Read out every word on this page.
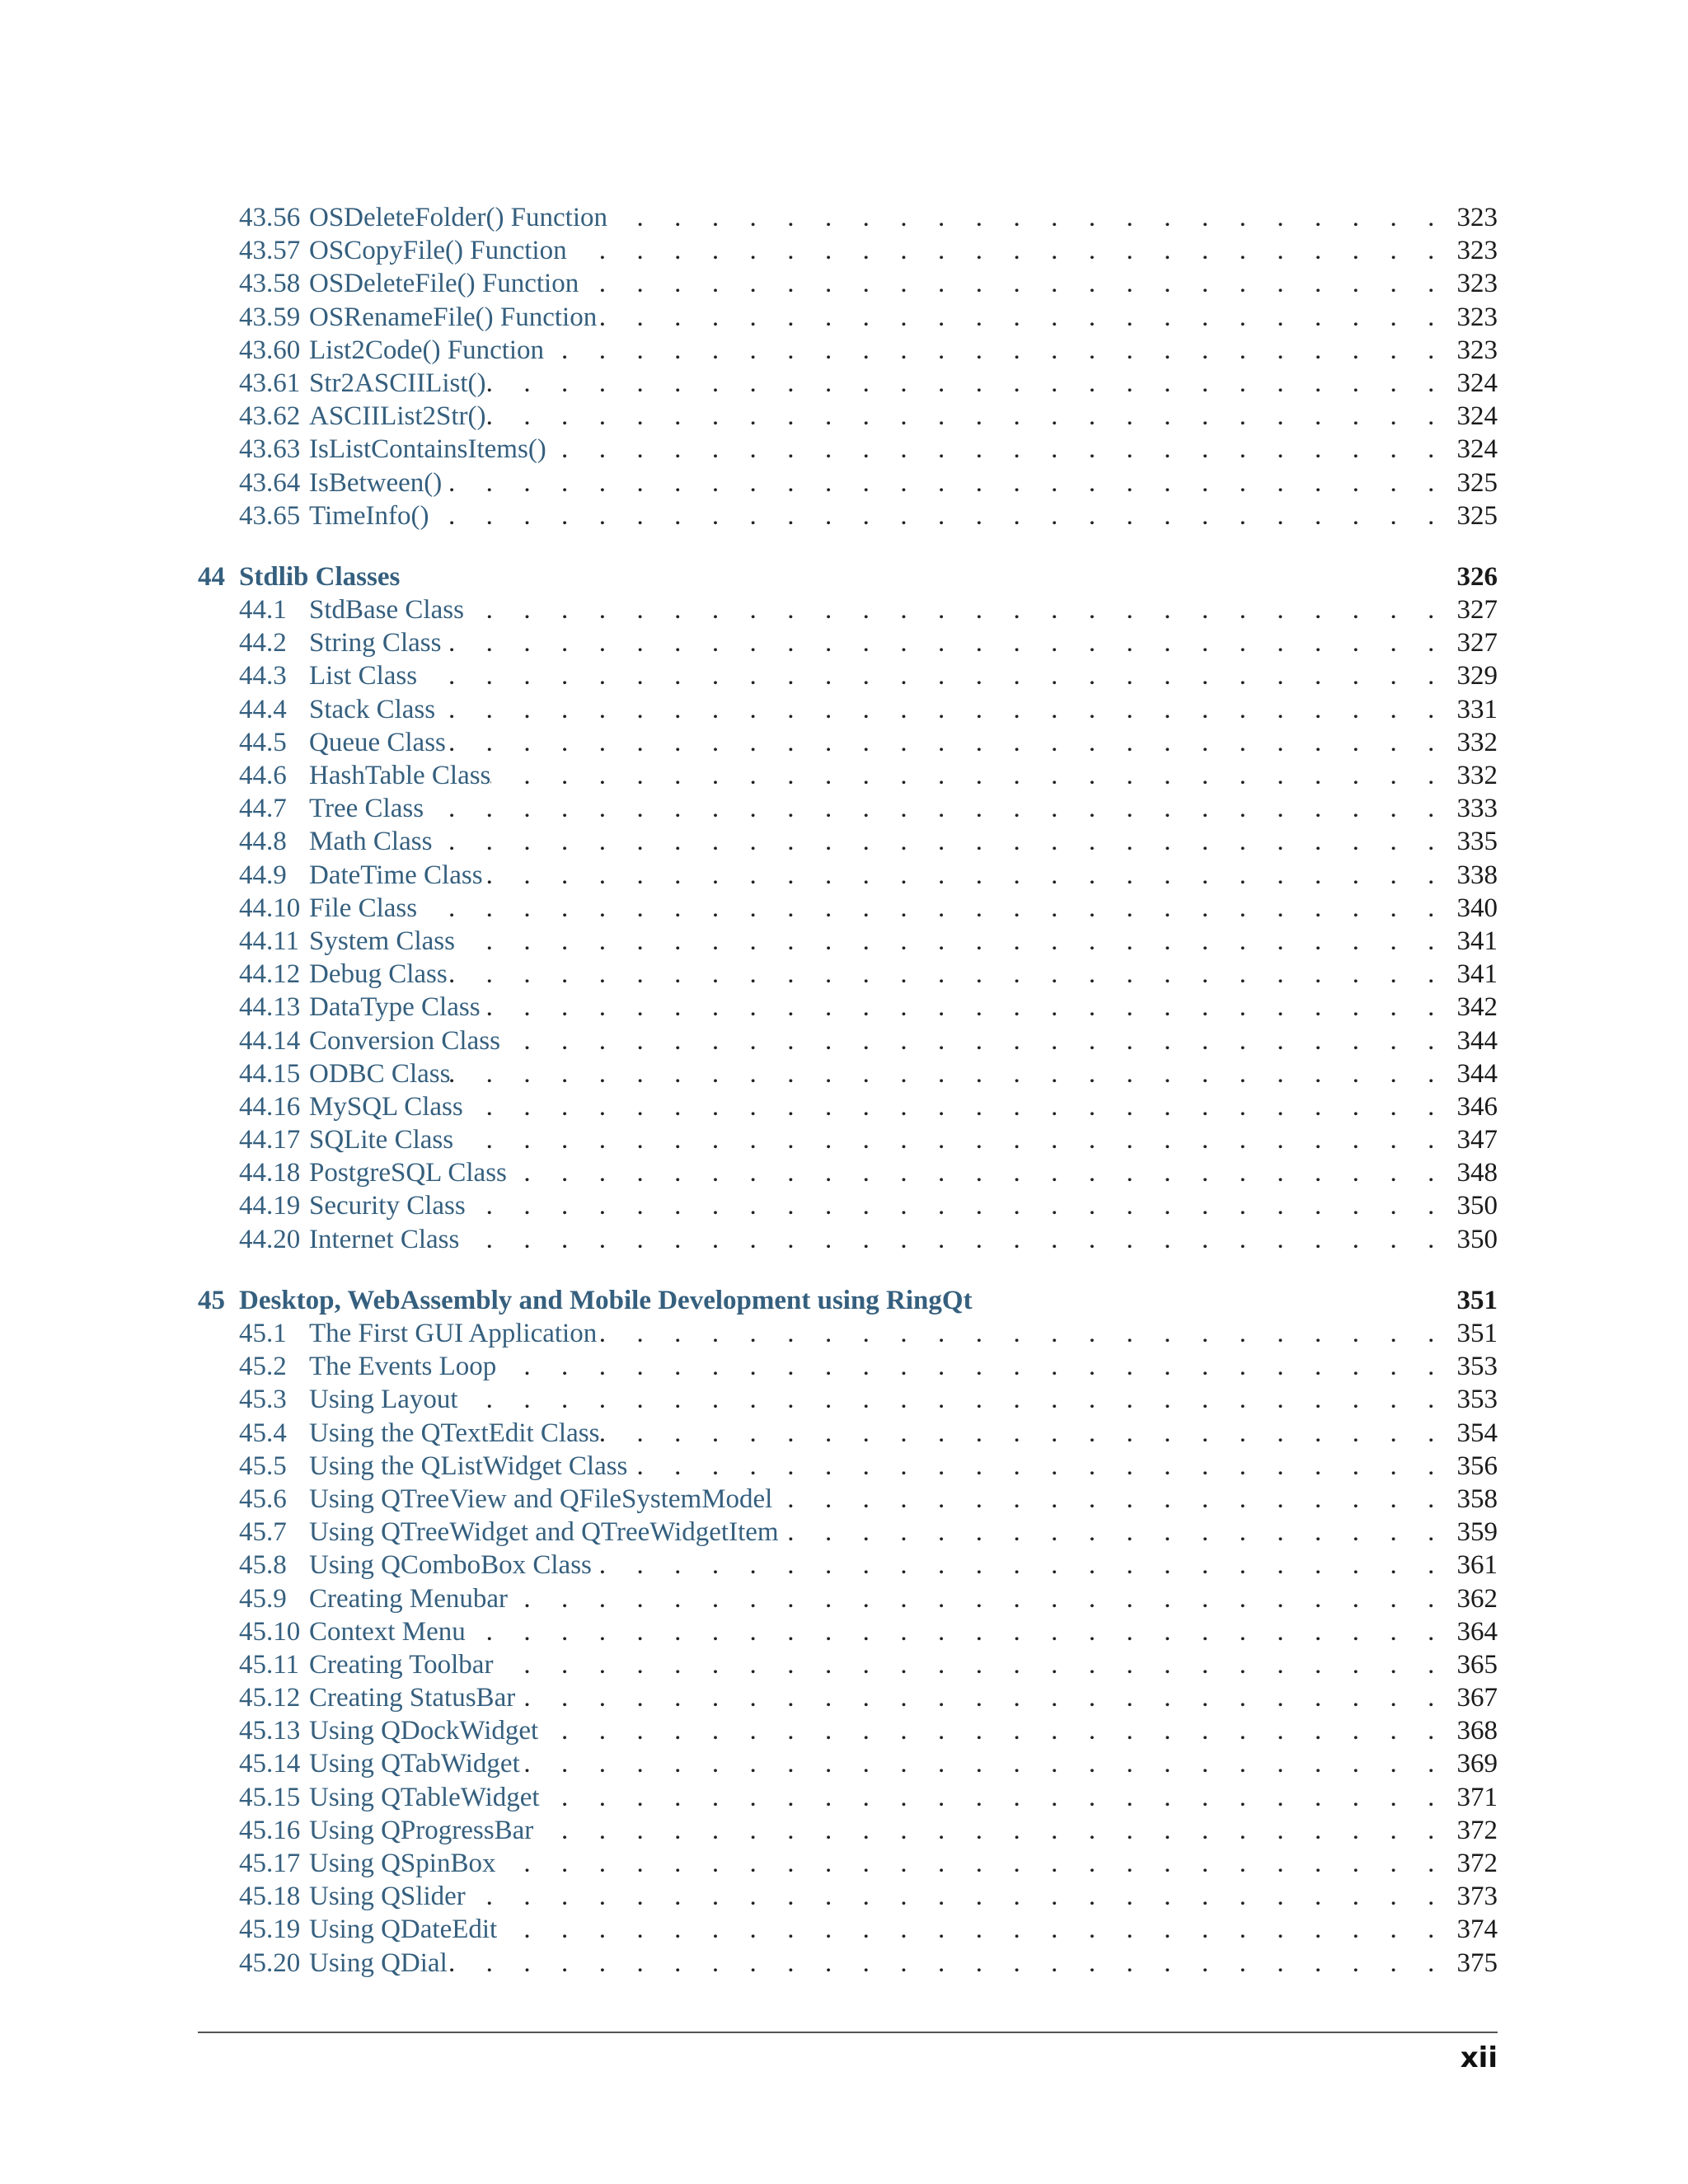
43.56 OSDeleteFolder() Function . . .	323
43.57 OSCopyFile() Function . . .	323
43.58 OSDeleteFile() Function . . .	323
43.59 OSRenameFile() Function . . .	323
43.60 List2Code() Function . . .	323
43.61 Str2ASCIIList() . . .	324
43.62 ASCIIList2Str() . . .	324
43.63 IsListContainsItems() . . .	324
43.64 IsBetween() . . .	325
43.65 TimeInfo() . . .	325
44 Stdlib Classes	326
44.1 StdBase Class . . .	327
44.2 String Class . . .	327
44.3 List Class . . .	329
44.4 Stack Class . . .	331
44.5 Queue Class . . .	332
44.6 HashTable Class . . .	332
44.7 Tree Class . . .	333
44.8 Math Class . . .	335
44.9 DateTime Class . . .	338
44.10 File Class . . .	340
44.11 System Class . . .	341
44.12 Debug Class . . .	341
44.13 DataType Class . . .	342
44.14 Conversion Class . . .	344
44.15 ODBC Class . . .	344
44.16 MySQL Class . . .	346
44.17 SQLite Class . . .	347
44.18 PostgreSQL Class . . .	348
44.19 Security Class . . .	350
44.20 Internet Class . . .	350
45 Desktop, WebAssembly and Mobile Development using RingQt	351
45.1 The First GUI Application . . .	351
45.2 The Events Loop . . .	353
45.3 Using Layout . . .	353
45.4 Using the QTextEdit Class . . .	354
45.5 Using the QListWidget Class . . .	356
45.6 Using QTreeView and QFileSystemModel . . .	358
45.7 Using QTreeWidget and QTreeWidgetItem . . .	359
45.8 Using QComboBox Class . . .	361
45.9 Creating Menubar . . .	362
45.10 Context Menu . . .	364
45.11 Creating Toolbar . . .	365
45.12 Creating StatusBar . . .	367
45.13 Using QDockWidget . . .	368
45.14 Using QTabWidget . . .	369
45.15 Using QTableWidget . . .	371
45.16 Using QProgressBar . . .	372
45.17 Using QSpinBox . . .	372
45.18 Using QSlider . . .	373
45.19 Using QDateEdit . . .	374
45.20 Using QDial . . .	375
xii
